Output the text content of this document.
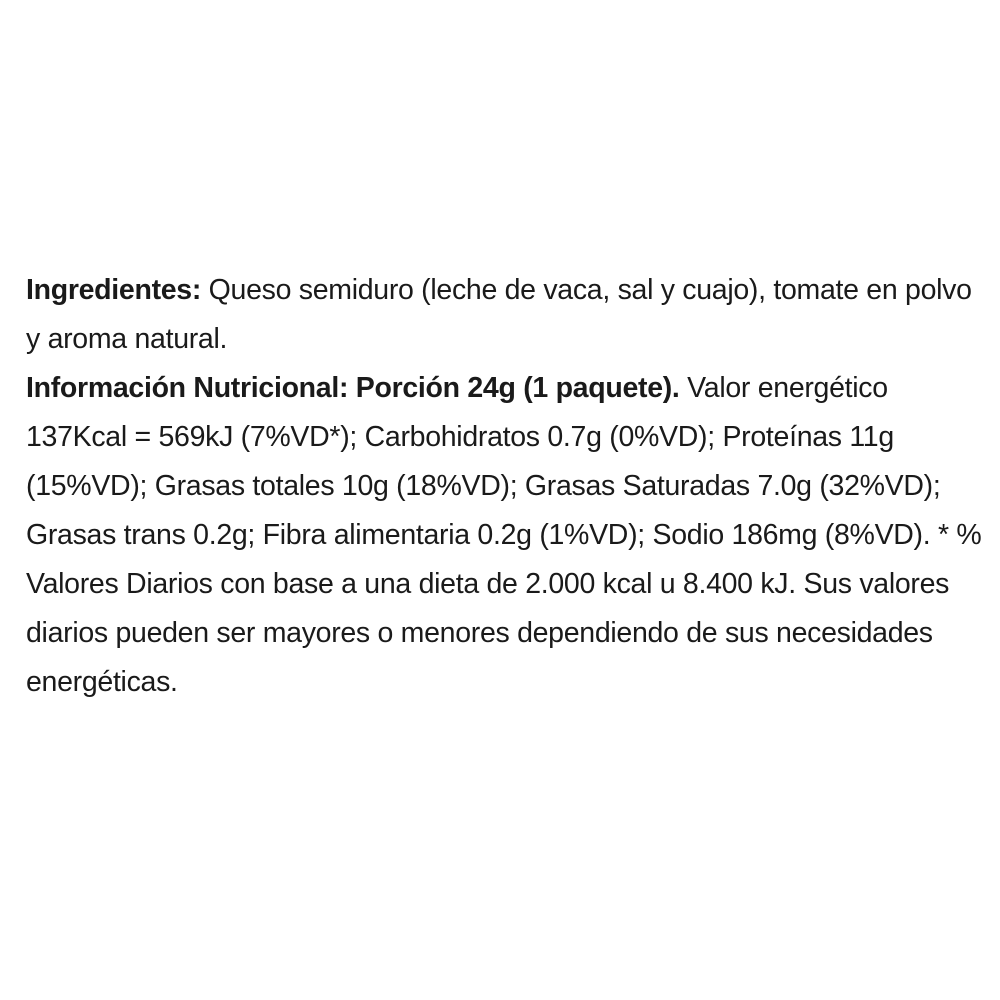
Ingredientes: Queso semiduro (leche de vaca, sal y cuajo), tomate en polvo y aroma natural.

Información Nutricional: Porción 24g (1 paquete). Valor energético 137Kcal = 569kJ (7%VD*); Carbohidratos 0.7g (0%VD); Proteínas 11g (15%VD); Grasas totales 10g (18%VD); Grasas Saturadas 7.0g (32%VD); Grasas trans 0.2g; Fibra alimentaria 0.2g (1%VD); Sodio 186mg (8%VD). * % Valores Diarios con base a una dieta de 2.000 kcal u 8.400 kJ. Sus valores diarios pueden ser mayores o menores dependiendo de sus necesidades energéticas.
